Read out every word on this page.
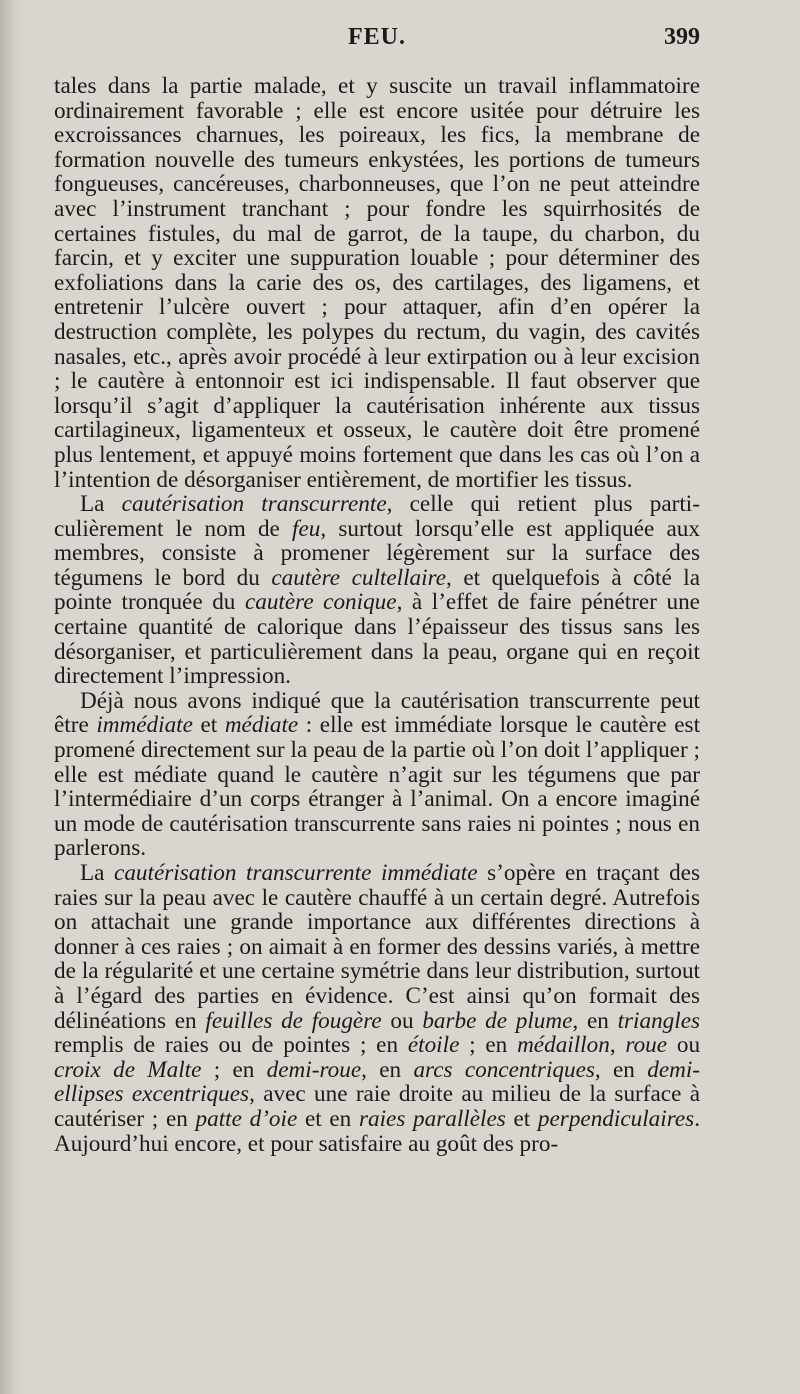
FEU.	399

tales dans la partie malade, et y suscite un travail inflammatoire ordinairement favorable ; elle est encore usitée pour détruire les excroissances charnues, les poireaux, les fics, la membrane de formation nouvelle des tumeurs enkystées, les portions de tumeurs fongueuses, cancéreuses, charbonneuses, que l’on ne peut atteindre avec l’instrument tranchant ; pour fondre les squirrhosités de certaines fistules, du mal de garrot, de la taupe, du charbon, du farcin, et y exciter une suppuration louable ; pour déterminer des exfoliations dans la carie des os, des cartilages, des ligamens, et entretenir l’ulcère ouvert ; pour attaquer, afin d’en opérer la destruction complète, les polypes du rectum, du vagin, des cavités nasales, etc., après avoir procédé à leur extirpation ou à leur excision ; le cautère à entonnoir est ici indispensable. Il faut observer que lorsqu’il s’agit d’appliquer la cautérisation inhérente aux tissus cartilagineux, ligamenteux et osseux, le cautère doit être promené plus lentement, et appuyé moins fortement que dans les cas où l’on a l’intention de désorganiser entièrement, de mortifier les tissus.

La cautérisation transcurrente, celle qui retient plus particulièrement le nom de feu, surtout lorsqu’elle est appliquée aux membres, consiste à promener légèrement sur la surface des tégumens le bord du cautère cultellaire, et quelquefois à côté la pointe tronquée du cautère conique, à l’effet de faire pénétrer une certaine quantité de calorique dans l’épaisseur des tissus sans les désorganiser, et particulièrement dans la peau, organe qui en reçoit directement l’impression.

Déjà nous avons indiqué que la cautérisation transcurrente peut être immédiate et médiate : elle est immédiate lorsque le cautère est promené directement sur la peau de la partie où l’on doit l’appliquer ; elle est médiate quand le cautère n’agit sur les tégumens que par l’intermédiaire d’un corps étranger à l’animal. On a encore imaginé un mode de cautérisation transcurrente sans raies ni pointes ; nous en parlerons.

La cautérisation transcurrente immédiate s’opère en traçant des raies sur la peau avec le cautère chauffé à un certain degré. Autrefois on attachait une grande importance aux différentes directions à donner à ces raies ; on aimait à en former des dessins variés, à mettre de la régularité et une certaine symétrie dans leur distribution, surtout à l’égard des parties en évidence. C’est ainsi qu’on formait des délinéations en feuilles de fougère ou barbe de plume, en triangles remplis de raies ou de pointes ; en étoile ; en médaillon, roue ou croix de Malte ; en demi-roue, en arcs concentriques, en demi-ellipses excentriques, avec une raie droite au milieu de la surface à cautériser ; en patte d’oie et en raies parallèles et perpendiculaires. Aujourd’hui encore, et pour satisfaire au goût des pro-
